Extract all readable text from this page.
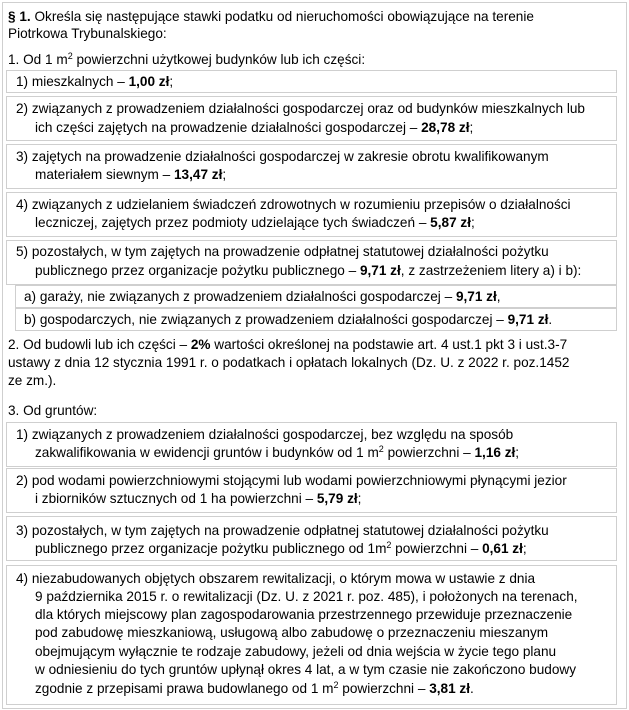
§ 1. Określa się następujące stawki podatku od nieruchomości obowiązujące na terenie
Piotrkowa Trybunalskiego:
1. Od 1 $m^2$ powierzchni użytkowej budynków lub ich części:
1) mieszkalnych – 1,00 zł;
2) związanych z prowadzeniem działalności gospodarczej oraz od budynków mieszkalnych lub
ich części zajętych na prowadzenie działalności gospodarczej – 28,78 zł;
3) zajętych na prowadzenie działalności gospodarczej w zakresie obrotu kwalifikowanym
materiałem siewnym – 13,47 zł;
4) związanych z udzielaniem świadczeń zdrowotnych w rozumieniu przepisów o działalności
leczniczej, zajętych przez podmioty udzielające tych świadczeń – 5,87 zł;
5) pozostałych, w tym zajętych na prowadzenie odpłatnej statutowej działalności pożytku
publicznego przez organizacje pożytku publicznego – 9,71 zł, z zastrzeżeniem litery a) i b):
a) garaży, nie związanych z prowadzeniem działalności gospodarczej – 9,71 zł,
b) gospodarczych, nie związanych z prowadzeniem działalności gospodarczej – 9,71 zł.
2. Od budowli lub ich części – 2% wartości określonej na podstawie art. 4 ust.1 pkt 3 i ust.3-7
ustawy z dnia 12 stycznia 1991 r. o podatkach i opłatach lokalnych (Dz. U. z 2022 r. poz.1452
ze zm.).
3. Od gruntów:
1) związanych z prowadzeniem działalności gospodarczej, bez względu na sposób
zakwalifikowania w ewidencji gruntów i budynków od 1 $m^2$ powierzchni – 1,16 zł;
2) pod wodami powierzchniowymi stojącymi lub wodami powierzchniowymi płynącymi jezior
i zbiorników sztucznych od 1 ha powierzchni – 5,79 zł;
3) pozostałych, w tym zajętych na prowadzenie odpłatnej statutowej działalności pożytku
publicznego przez organizacje pożytku publicznego od $1m^2$ powierzchni – 0,61 zł;
4) niezabudowanych objętych obszarem rewitalizacji, o którym mowa w ustawie z dnia
9 października 2015 r. o rewitalizacji (Dz. U. z 2021 r. poz. 485), i położonych na terenach,
dla których miejscowy plan zagospodarowania przestrzennego przewiduje przeznaczenie
pod zabudowę mieszkaniową, usługową albo zabudowę o przeznaczeniu mieszanym
obejmującym wyłącznie te rodzaje zabudowy, jeżeli od dnia wejścia w życie tego planu
w odniesieniu do tych gruntów upłynął okres 4 lat, a w tym czasie nie zakończono budowy
zgodnie z przepisami prawa budowlanego od 1 $m^2$ powierzchni – 3,81 zł.
